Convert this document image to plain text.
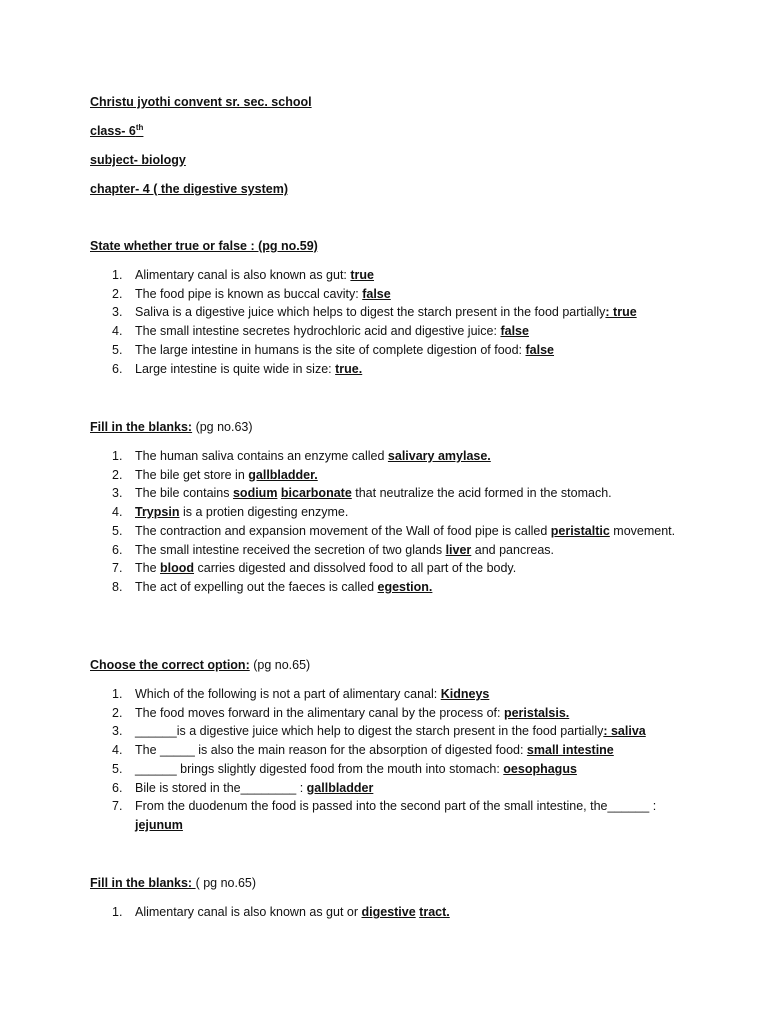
Christu jyothi convent sr. sec. school
class- 6th
subject- biology
chapter- 4 ( the digestive system)
State whether true or false : (pg no.59)
1. Alimentary canal is also known as gut: true
2. The food pipe is known as buccal cavity: false
3. Saliva is a digestive juice which helps to digest the starch present in the food partially: true
4. The small intestine secretes hydrochloric acid and digestive juice: false
5. The large intestine in humans is the site of complete digestion of food: false
6. Large intestine is quite wide in size: true.
Fill in the blanks: (pg no.63)
1. The human saliva contains an enzyme called salivary amylase.
2. The bile get store in gallbladder.
3. The bile contains sodium bicarbonate that neutralize the acid formed in the stomach.
4. Trypsin is a protien digesting enzyme.
5. The contraction and expansion movement of the Wall of food pipe is called peristaltic movement.
6. The small intestine received the secretion of two glands liver and pancreas.
7. The blood carries digested and dissolved food to all part of the body.
8. The act of expelling out the faeces is called egestion.
Choose the correct option: (pg no.65)
1. Which of the following is not a part of alimentary canal: Kidneys
2. The food moves forward in the alimentary canal by the process of: peristalsis.
3. ______is a digestive juice which help to digest the starch present in the food partially: saliva
4. The _____ is also the main reason for the absorption of digested food: small intestine
5. ______ brings slightly digested food from the mouth into stomach: oesophagus
6. Bile is stored in the________ : gallbladder
7. From the duodenum the food is passed into the second part of the small intestine, the______ : jejunum
Fill in the blanks: ( pg no.65)
1. Alimentary canal is also known as gut or digestive tract.
